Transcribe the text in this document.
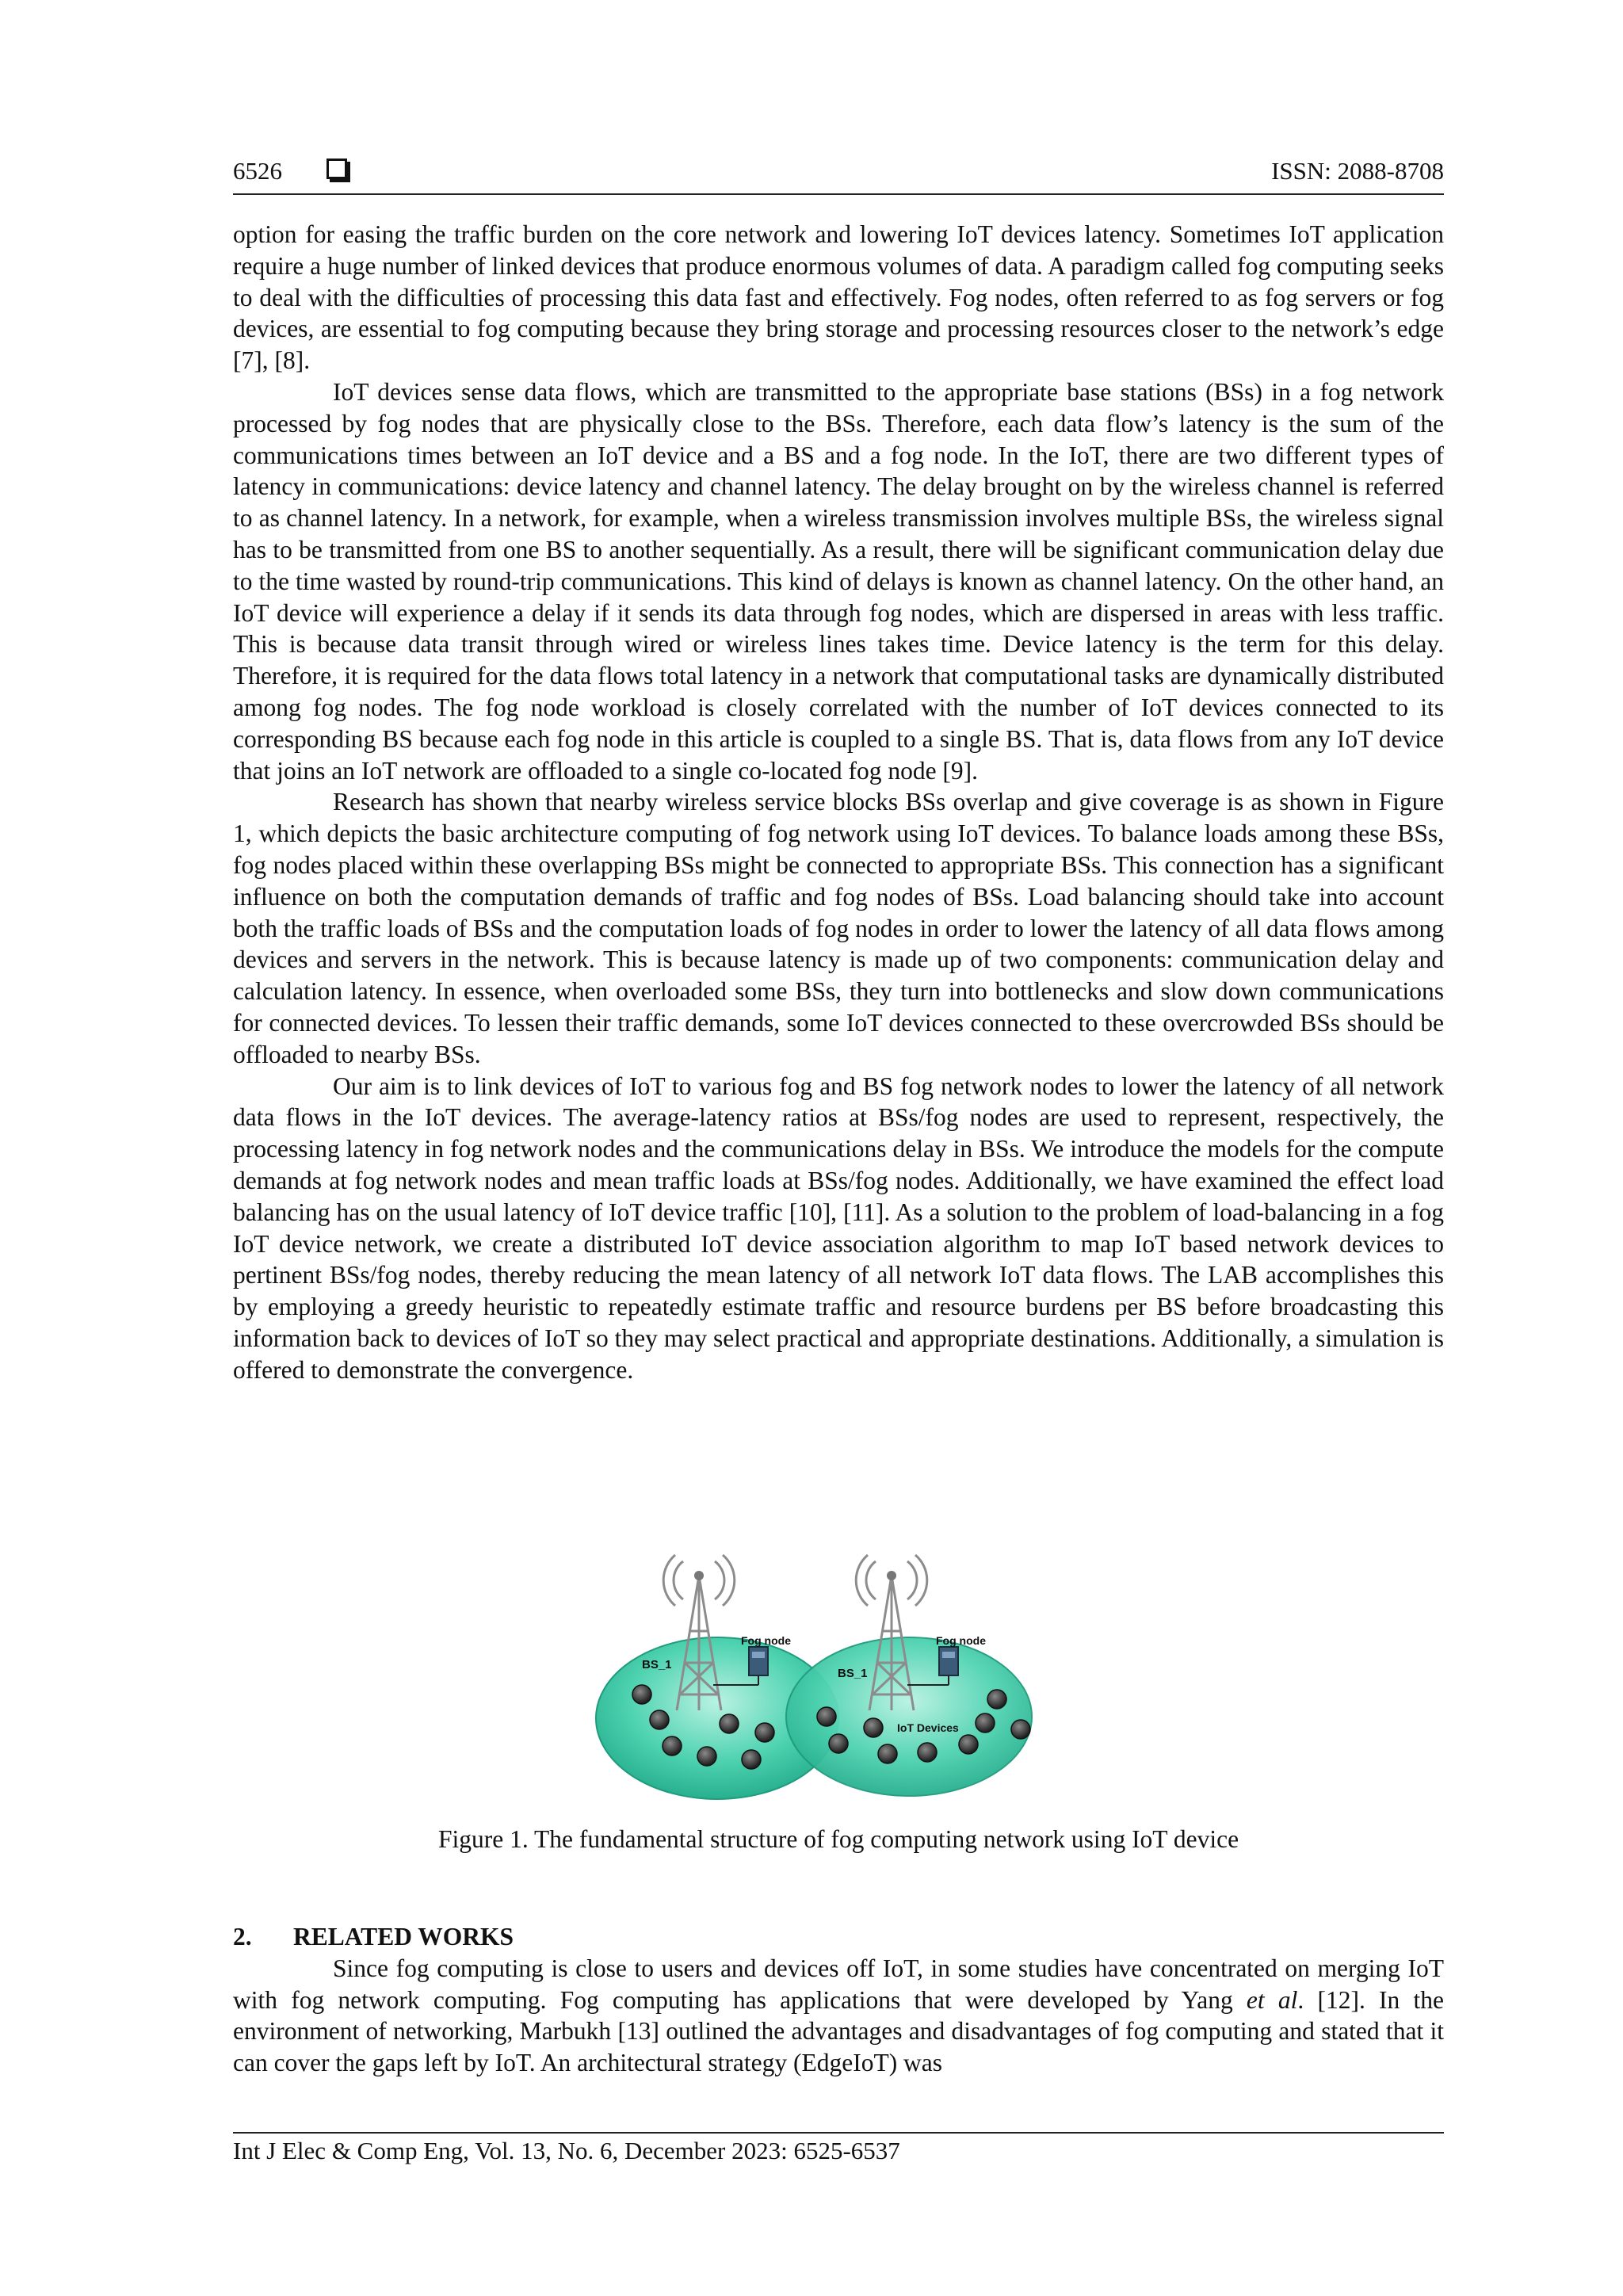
6526	ISSN: 2088-8708

option for easing the traffic burden on the core network and lowering IoT devices latency. Sometimes IoT application require a huge number of linked devices that produce enormous volumes of data. A paradigm called fog computing seeks to deal with the difficulties of processing this data fast and effectively. Fog nodes, often referred to as fog servers or fog devices, are essential to fog computing because they bring storage and processing resources closer to the network’s edge [7], [8].

IoT devices sense data flows, which are transmitted to the appropriate base stations (BSs) in a fog network processed by fog nodes that are physically close to the BSs. Therefore, each data flow’s latency is the sum of the communications times between an IoT device and a BS and a fog node. In the IoT, there are two different types of latency in communications: device latency and channel latency. The delay brought on by the wireless channel is referred to as channel latency. In a network, for example, when a wireless transmission involves multiple BSs, the wireless signal has to be transmitted from one BS to another sequentially. As a result, there will be significant communication delay due to the time wasted by round-trip communications. This kind of delays is known as channel latency. On the other hand, an IoT device will experience a delay if it sends its data through fog nodes, which are dispersed in areas with less traffic. This is because data transit through wired or wireless lines takes time. Device latency is the term for this delay. Therefore, it is required for the data flows total latency in a network that computational tasks are dynamically distributed among fog nodes. The fog node workload is closely correlated with the number of IoT devices connected to its corresponding BS because each fog node in this article is coupled to a single BS. That is, data flows from any IoT device that joins an IoT network are offloaded to a single co-located fog node [9].

Research has shown that nearby wireless service blocks BSs overlap and give coverage is as shown in Figure 1, which depicts the basic architecture computing of fog network using IoT devices. To balance loads among these BSs, fog nodes placed within these overlapping BSs might be connected to appropriate BSs. This connection has a significant influence on both the computation demands of traffic and fog nodes of BSs. Load balancing should take into account both the traffic loads of BSs and the computation loads of fog nodes in order to lower the latency of all data flows among devices and servers in the network. This is because latency is made up of two components: communication delay and calculation latency. In essence, when overloaded some BSs, they turn into bottlenecks and slow down communications for connected devices. To lessen their traffic demands, some IoT devices connected to these overcrowded BSs should be offloaded to nearby BSs.

Our aim is to link devices of IoT to various fog and BS fog network nodes to lower the latency of all network data flows in the IoT devices. The average-latency ratios at BSs/fog nodes are used to represent, respectively, the processing latency in fog network nodes and the communications delay in BSs. We introduce the models for the compute demands at fog network nodes and mean traffic loads at BSs/fog nodes. Additionally, we have examined the effect load balancing has on the usual latency of IoT device traffic [10], [11]. As a solution to the problem of load-balancing in a fog IoT device network, we create a distributed IoT device association algorithm to map IoT based network devices to pertinent BSs/fog nodes, thereby reducing the mean latency of all network IoT data flows. The LAB accomplishes this by employing a greedy heuristic to repeatedly estimate traffic and resource burdens per BS before broadcasting this information back to devices of IoT so they may select practical and appropriate destinations. Additionally, a simulation is offered to demonstrate the convergence.

BS_1
Fog node
BS_1
Fog node
IoT Devices
Figure 1. The fundamental structure of fog computing network using IoT device
2. RELATED WORKS

Since fog computing is close to users and devices off IoT, in some studies have concentrated on merging IoT with fog network computing. Fog computing has applications that were developed by Yang et al. [12]. In the environment of networking, Marbukh [13] outlined the advantages and disadvantages of fog computing and stated that it can cover the gaps left by IoT. An architectural strategy (EdgeIoT) was

Int J Elec & Comp Eng, Vol. 13, No. 6, December 2023: 6525-6537
